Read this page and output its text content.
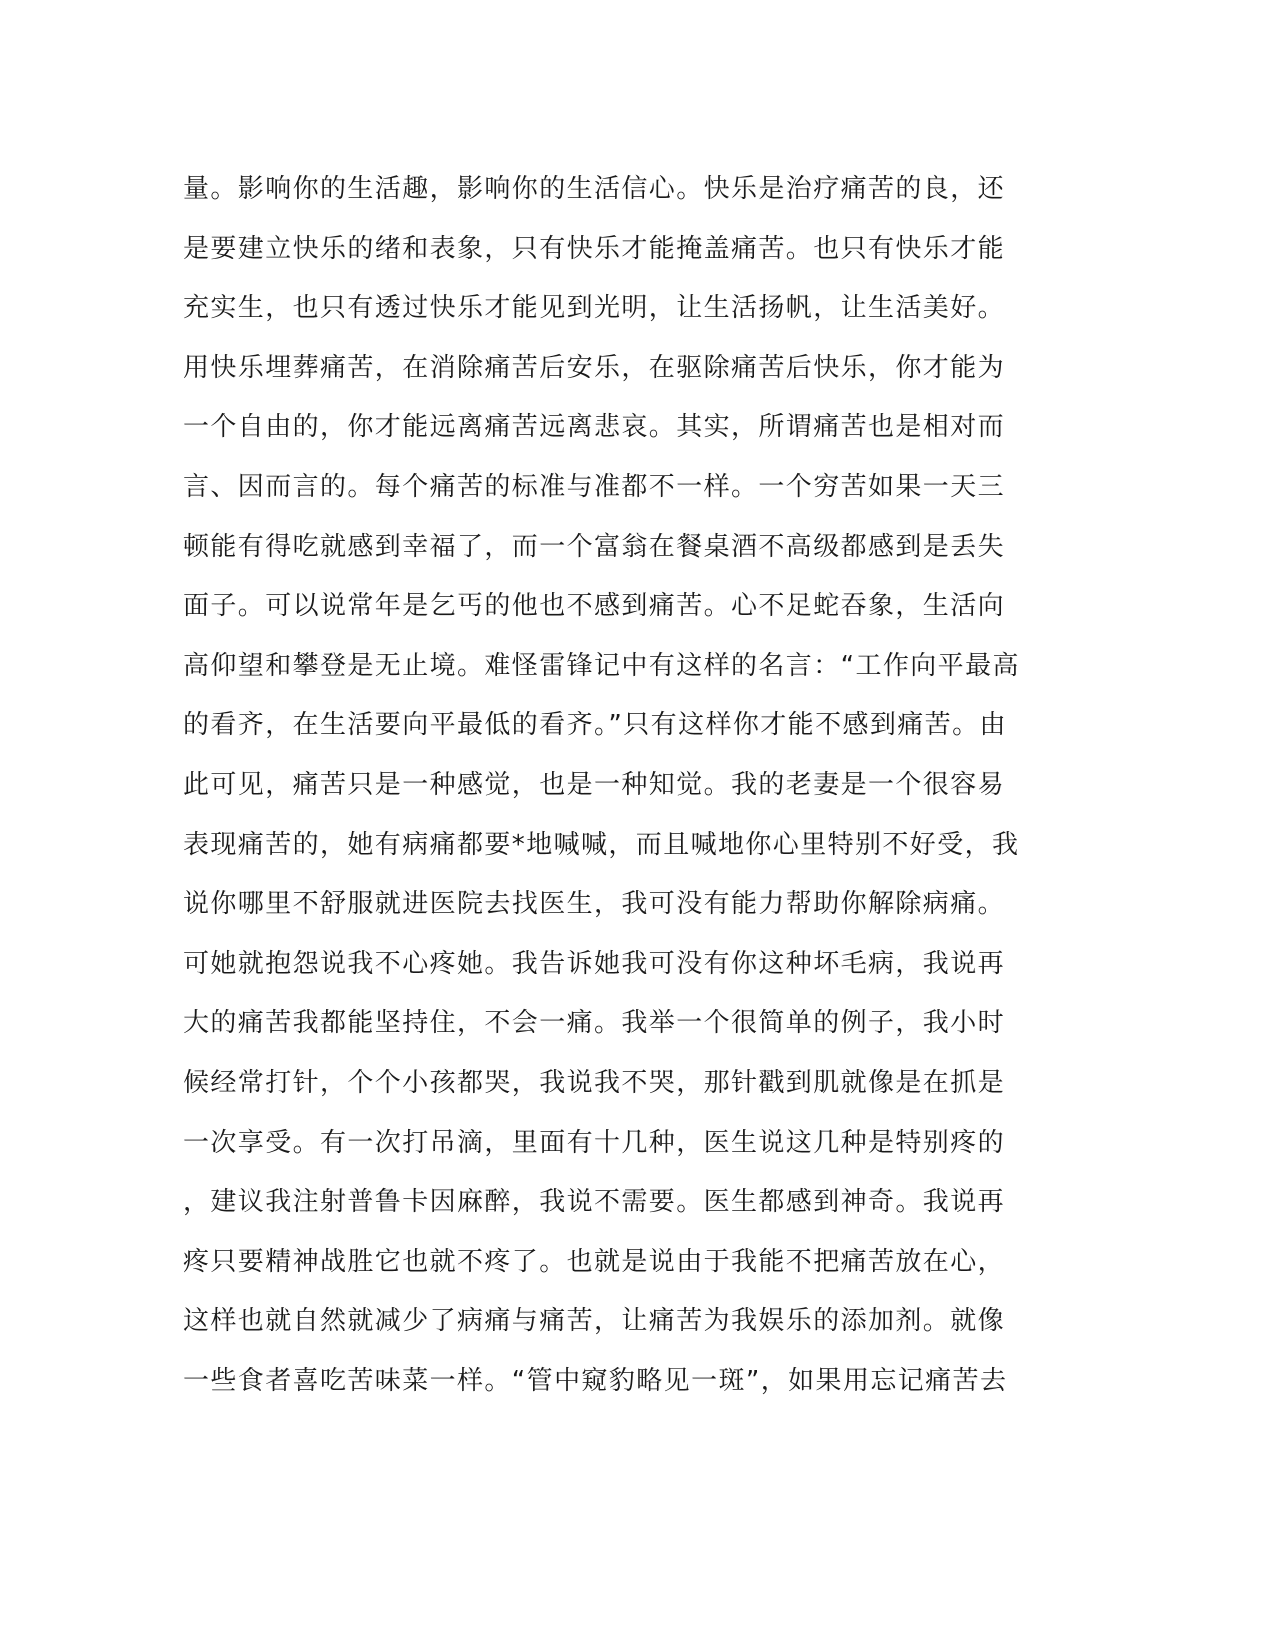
量。影响你的生活趣，影响你的生活信心。快乐是治疗痛苦的良，还
是要建立快乐的绪和表象，只有快乐才能掩盖痛苦。也只有快乐才能
充实生，也只有透过快乐才能见到光明，让生活扬帆，让生活美好。
用快乐埋葬痛苦，在消除痛苦后安乐，在驱除痛苦后快乐，你才能为
一个自由的，你才能远离痛苦远离悲哀。其实，所谓痛苦也是相对而
言、因而言的。每个痛苦的标准与准都不一样。一个穷苦如果一天三
顿能有得吃就感到幸福了，而一个富翁在餐桌酒不高级都感到是丢失
面子。可以说常年是乞丐的他也不感到痛苦。心不足蛇吞象，生活向
高仰望和攀登是无止境。难怪雷锋记中有这样的名言：“工作向平最高
的看齐，在生活要向平最低的看齐。”只有这样你才能不感到痛苦。由
此可见，痛苦只是一种感觉，也是一种知觉。我的老妻是一个很容易
表现痛苦的，她有病痛都要*地喊喊，而且喊地你心里特别不好受，我
说你哪里不舒服就进医院去找医生，我可没有能力帮助你解除病痛。
可她就抱怨说我不心疼她。我告诉她我可没有你这种坏毛病，我说再
大的痛苦我都能坚持住，不会一痛。我举一个很简单的例子，我小时
候经常打针，个个小孩都哭，我说我不哭，那针戳到肌就像是在抓是
一次享受。有一次打吊滴，里面有十几种，医生说这几种是特别疼的
，建议我注射普鲁卡因麻醉，我说不需要。医生都感到神奇。我说再
疼只要精神战胜它也就不疼了。也就是说由于我能不把痛苦放在心，
这样也就自然就减少了病痛与痛苦，让痛苦为我娱乐的添加剂。就像
一些食者喜吃苦味菜一样。“管中窥豹略见一斑”，如果用忘记痛苦去
